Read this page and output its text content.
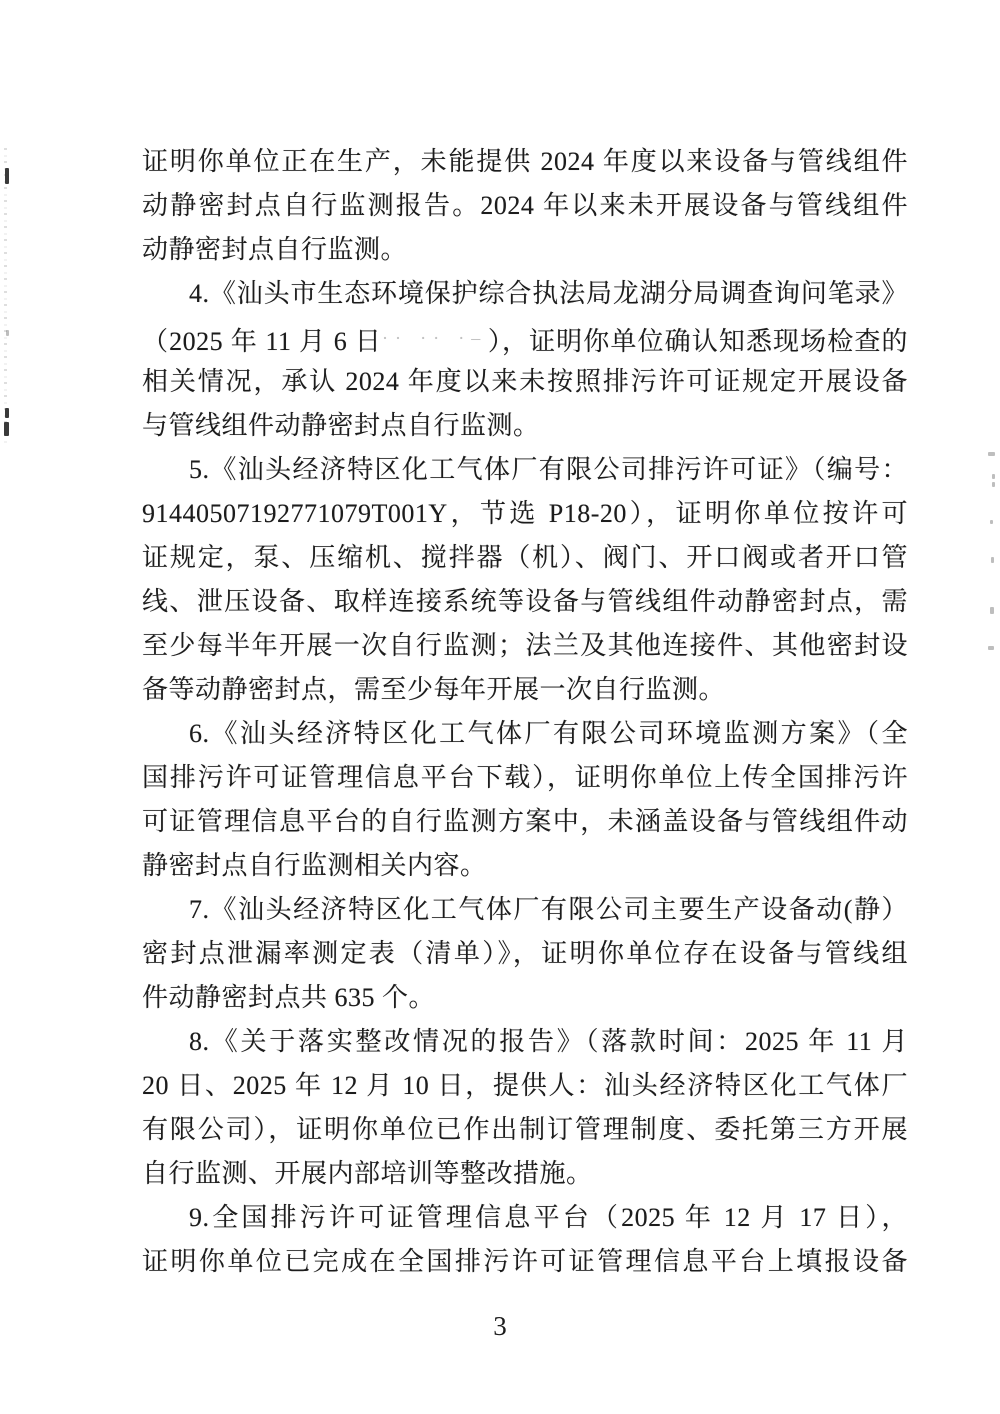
证明你单位正在生产，未能提供 2024 年度以来设备与管线组件
动静密封点自行监测报告。2024 年以来未开展设备与管线组件
动静密封点自行监测。
4.《汕头市生态环境保护综合执法局龙湖分局调查询问笔录》
（2025 年 11 月 6 日·· ·· ·–），证明你单位确认知悉现场检查的
相关情况，承认 2024 年度以来未按照排污许可证规定开展设备
与管线组件动静密封点自行监测。
5.《汕头经济特区化工气体厂有限公司排污许可证》（编号：
91440507192771079T001Y，节选 P18-20），证明你单位按许可
证规定，泵、压缩机、搅拌器（机）、阀门、开口阀或者开口管
线、泄压设备、取样连接系统等设备与管线组件动静密封点，需
至少每半年开展一次自行监测；法兰及其他连接件、其他密封设
备等动静密封点，需至少每年开展一次自行监测。
6.《汕头经济特区化工气体厂有限公司环境监测方案》（全
国排污许可证管理信息平台下载），证明你单位上传全国排污许
可证管理信息平台的自行监测方案中，未涵盖设备与管线组件动
静密封点自行监测相关内容。
7.《汕头经济特区化工气体厂有限公司主要生产设备动(静）
密封点泄漏率测定表（清单）》，证明你单位存在设备与管线组
件动静密封点共 635 个。
8.《关于落实整改情况的报告》（落款时间：2025 年 11 月
20 日、2025 年 12 月 10 日，提供人：汕头经济特区化工气体厂
有限公司），证明你单位已作出制订管理制度、委托第三方开展
自行监测、开展内部培训等整改措施。
9.全国排污许可证管理信息平台（2025 年 12 月 17 日），
证明你单位已完成在全国排污许可证管理信息平台上填报设备
3
